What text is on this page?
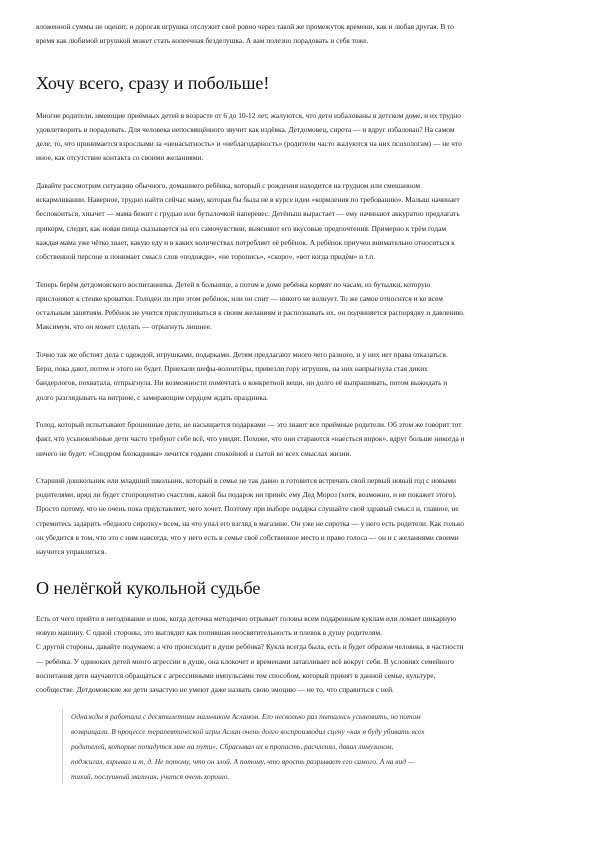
вложенной суммы не оценит, и дорогая игрушка отслужит своё ровно через такой же промежуток времени, как и любая другая. В то

время как любимой игрушкой может стать копеечная безделушка. А вам полезно порадовать и себя тоже.

Хочу всего, сразу и побольше!

Многие родители, имеющие приёмных детей в возрасте от 6 до 10-12 лет, жалуются, что дети избалованы в детском доме, и их трудно

удовлетворить и порадовать. Для человека непосвящённого звучит как издёвка. Детдомовец, сирота — и вдруг избалован? На самом

деле, то, что принимается взрослыми за «ненасытность» и «неблагодарность» (родители часто жалуются на них психологам) — не что

иное, как отсутствие контакта со своими желаниями.

Давайте рассмотрим ситуацию обычного, домашнего ребёнка, который с рождения находится на грудном или смешанном

вскармливании. Наверное, трудно найти сейчас маму, которая бы была не в курсе идеи «кормления по требованию». Малыш начинает

беспокоиться, хнычет — мама бежит с грудью или бутылочкой наперевес. Детёныш вырастает — ему начинают аккуратно предлагать

прикорм, следят, как новая пища сказывается на его самочувствии, выясняют его вкусовые предпочтения. Примерно к трём годам

каждая мама уже чётко знает, какую еду и в каких количествах потребляет её ребёнок. А ребёнок приучен внимательно относиться к

собственной персоне и понимает смысл слов «подожди», «не торопись», «скоро», «вот когда придём» и т.п.

Теперь берём детдомовского воспитанника. Детей в больнице, а потом в доме ребёнка кормят по часам, из бутылки, которую

прислоняют к стенке кроватки. Голоден ли при этом ребёнок, или он спит — никого не волнует. То же самое относится и ко всем

остальным занятиям. Ребёнок не учится прислушиваться к своим желаниям и распознавать их, он подчиняется распорядку и давлению.

Максимум, что он может сделать — отрыгнуть лишнее.

Точно так же обстоят дела с одеждой, игрушками, подарками. Детям предлагают много чего разного, и у них нет права отказаться.

Бери, пока дают, потом и этого не будет. Приехали шефы-волонтёры, привезли гору игрушек, на них напрыгнула стая диких

бандерлогов, похватала, отпрыгнула. Ни возможности помечтать о конкретной вещи, ни долго её выпрашивать, потом выжидать и

долго разглядывать на витрине, с замирающим сердцем ждать праздника.

Голод, который испытывают брошенные дети, не насыщается подарками — это знают все приёмные родители. Об этом же говорит тот

факт, что усыновлённые дети часто требуют себе всё, что увидят. Похоже, что они стараются «наесться впрок», вдруг больше никогда и

ничего не будет. «Синдром блокадника» лечится годами спокойной и сытой во всех смыслах жизни.

Старший дошкольник или младший школьник, который в семье не так давно и готовится встречать свой первый новый год с новыми

родителями, вряд ли будет стопроцентно счастлив, какой бы подарок ни принёс ему Дед Мороз (хотя, возможно, и не покажет этого).

Просто потому, что не очень пока представляет, чего хочет. Поэтому при выборе подарка слушайте свой здравый смысл и, главное, не

стремитесь задарить «бедного сиротку» всем, на что упал его взгляд в магазине. Он уже не сиротка — у него есть родители. Как только

он убедится в том, что это с ним навсегда, что у него есть в семье своё собственное место и право голоса — он и с желаниями своими

научится управляться.

О нелёгкой кукольной судьбе

Есть от чего прийти в негодование и шок, когда деточка методично отрывает головы всем подаренным куклам или ломает шикарную

новую машину. С одной стороны, это выглядит как попившая неосвятительность и плевок в душу родителям.

С другой стороны, давайте подумаем: а что происходит в душе ребёнка? Кукла всегда была, есть и будет образом человека, в частности

— ребёнка. У одиноких детей много агрессии в душе, она клокочет и временами затапливает всё вокруг себя. В условиях семейного

воспитания дети научаются обращаться с агрессивными импульсами тем способом, который принят в данной семье, культуре,

сообществе. Детдомовские же дети зачастую не умеют даже назвать свою эмоцию — не то, что справиться с ней.

Однажды я работала с десятилетним мальчиком Асланом. Его несколько раз пытались усыновить, но потом

возвращали. В процессе терапевтической игры Аслан очень долго воспроизводил сцену «как я буду убивать всех

родителей, которые попадутся мне на пути». Сбрасывал их в пропасть, расчленял, давил лимузином,

поджигал, взрывал и т. д. Не потому, что он злой. А потому, что ярость разрывает его самого. А на вид —

тихий, послушный мальчик, учится очень хорошо.
